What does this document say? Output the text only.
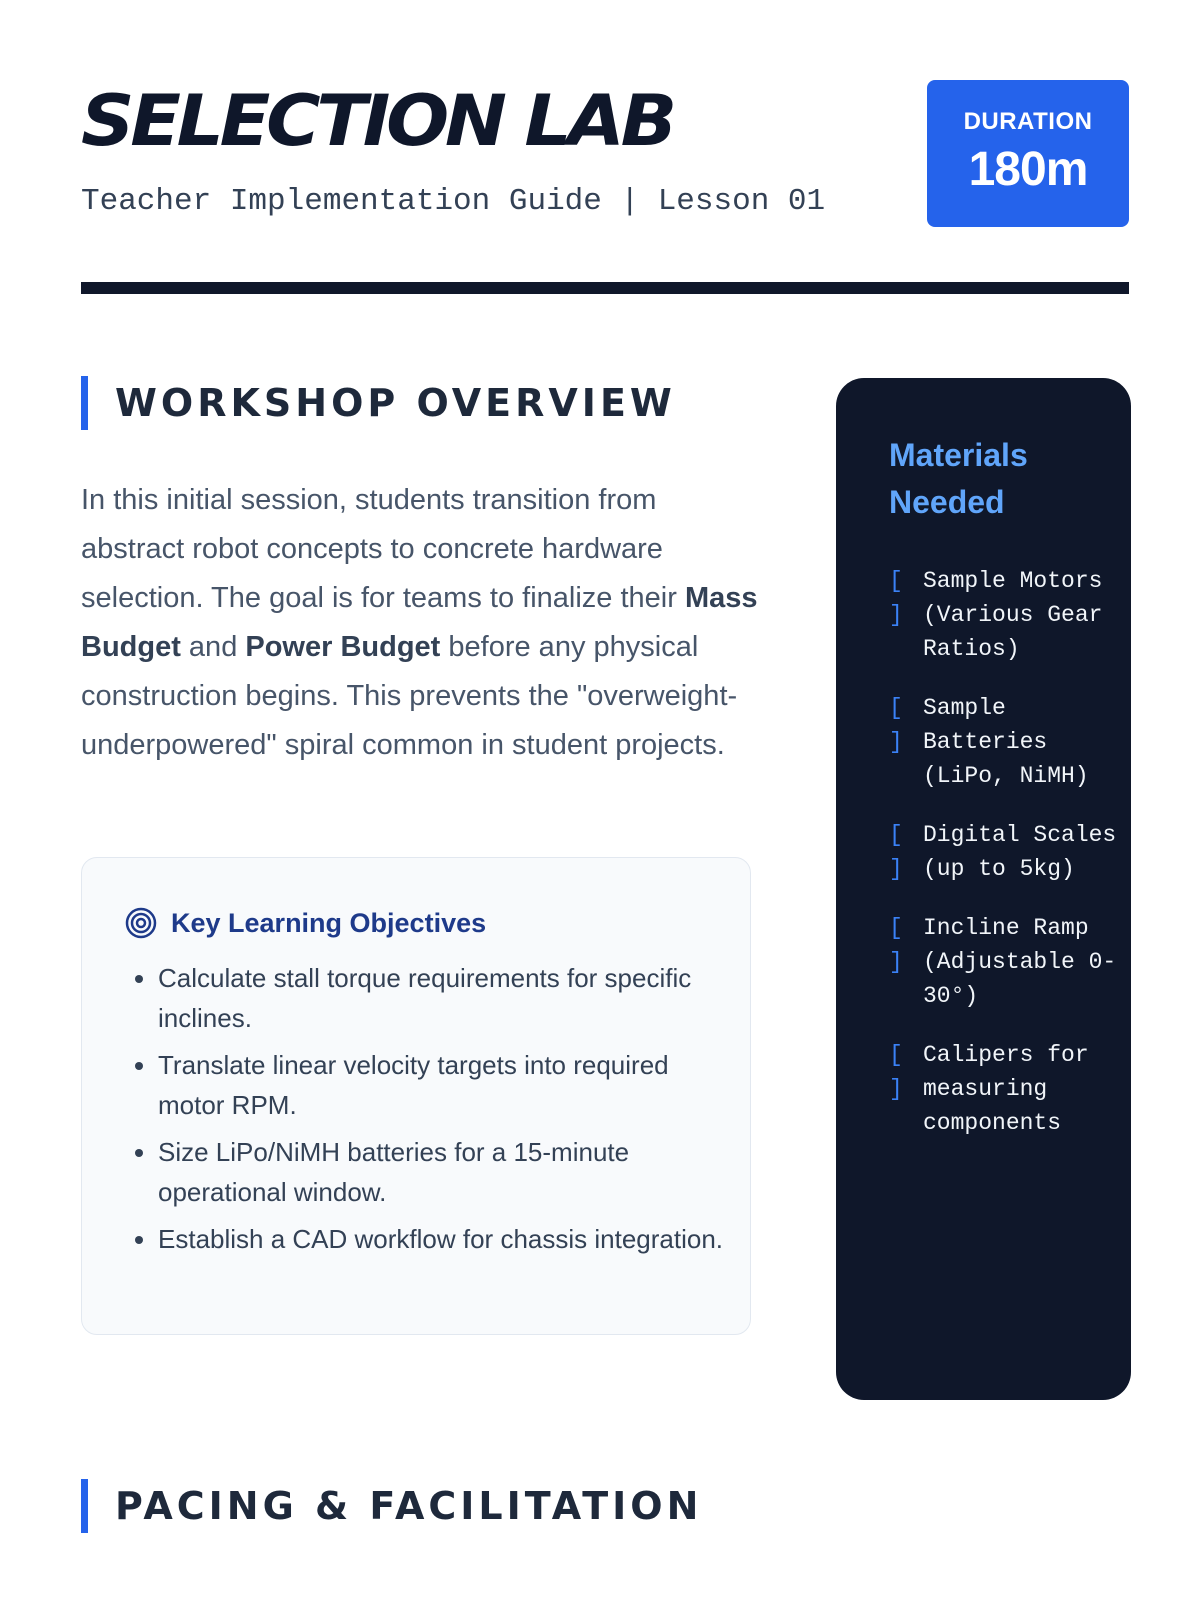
SELECTION LAB
Teacher Implementation Guide | Lesson 01
DURATION
180m
WORKSHOP OVERVIEW

In this initial session, students transition from abstract robot concepts to concrete hardware selection. The goal is for teams to finalize their Mass Budget and Power Budget before any physical construction begins. This prevents the "overweight-underpowered" spiral common in student projects.

Key Learning Objectives
• Calculate stall torque requirements for specific inclines.
• Translate linear velocity targets into required motor RPM.
• Size LiPo/NiMH batteries for a 15-minute operational window.
• Establish a CAD workflow for chassis integration.
Materials Needed
[
]
Sample Motors (Various Gear Ratios)
[
]
Sample Batteries (LiPo, NiMH)
[
]
Digital Scales (up to 5kg)
[
]
Incline Ramp (Adjustable 0-30°)
[
]
Calipers for measuring components
PACING & FACILITATION
